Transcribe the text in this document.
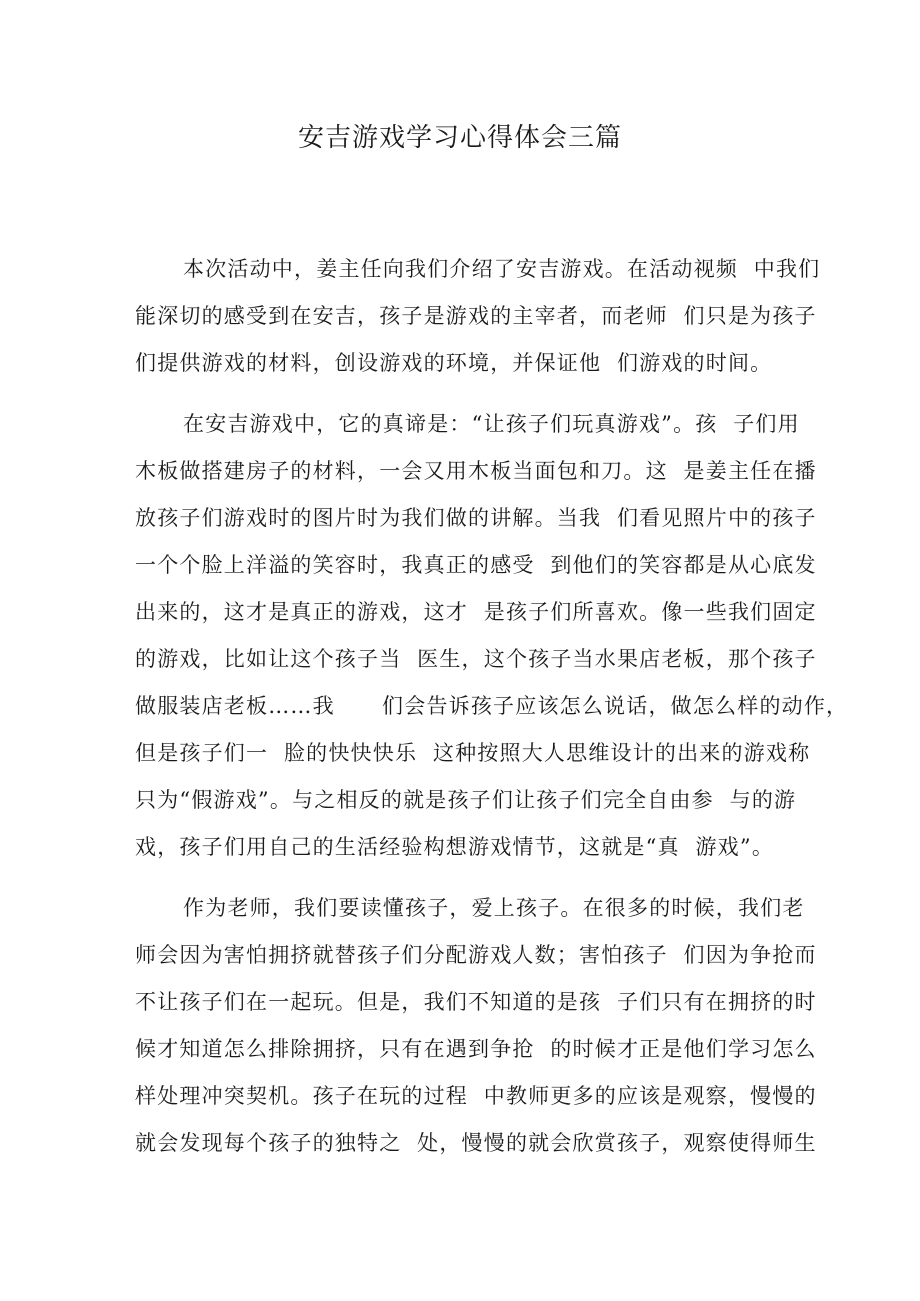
安吉游戏学习心得体会三篇

本次活动中，姜主任向我们介绍了安吉游戏。在活动视频  中我们

能深切的感受到在安吉，孩子是游戏的主宰者，而老师  们只是为孩子

们提供游戏的材料，创设游戏的环境，并保证他  们游戏的时间。

在安吉游戏中，它的真谛是：“让孩子们玩真游戏”。孩  子们用

木板做搭建房子的材料，一会又用木板当面包和刀。这  是姜主任在播

放孩子们游戏时的图片时为我们做的讲解。当我  们看见照片中的孩子

一个个脸上洋溢的笑容时，我真正的感受  到他们的笑容都是从心底发

出来的，这才是真正的游戏，这才  是孩子们所喜欢。像一些我们固定

的游戏，比如让这个孩子当  医生，这个孩子当水果店老板，那个孩子

做服装店老板……我      们会告诉孩子应该怎么说话，做怎么样的动作，

但是孩子们一  脸的快快快乐  这种按照大人思维设计的出来的游戏称

只为“假游戏”。与之相反的就是孩子们让孩子们完全自由参  与的游

戏，孩子们用自己的生活经验构想游戏情节，这就是“真  游戏”。

作为老师，我们要读懂孩子，爱上孩子。在很多的时候，我们老

师会因为害怕拥挤就替孩子们分配游戏人数；害怕孩子  们因为争抢而

不让孩子们在一起玩。但是，我们不知道的是孩  子们只有在拥挤的时

候才知道怎么排除拥挤，只有在遇到争抢  的时候才正是他们学习怎么

样处理冲突契机。孩子在玩的过程  中教师更多的应该是观察，慢慢的

就会发现每个孩子的独特之  处，慢慢的就会欣赏孩子，观察使得师生
